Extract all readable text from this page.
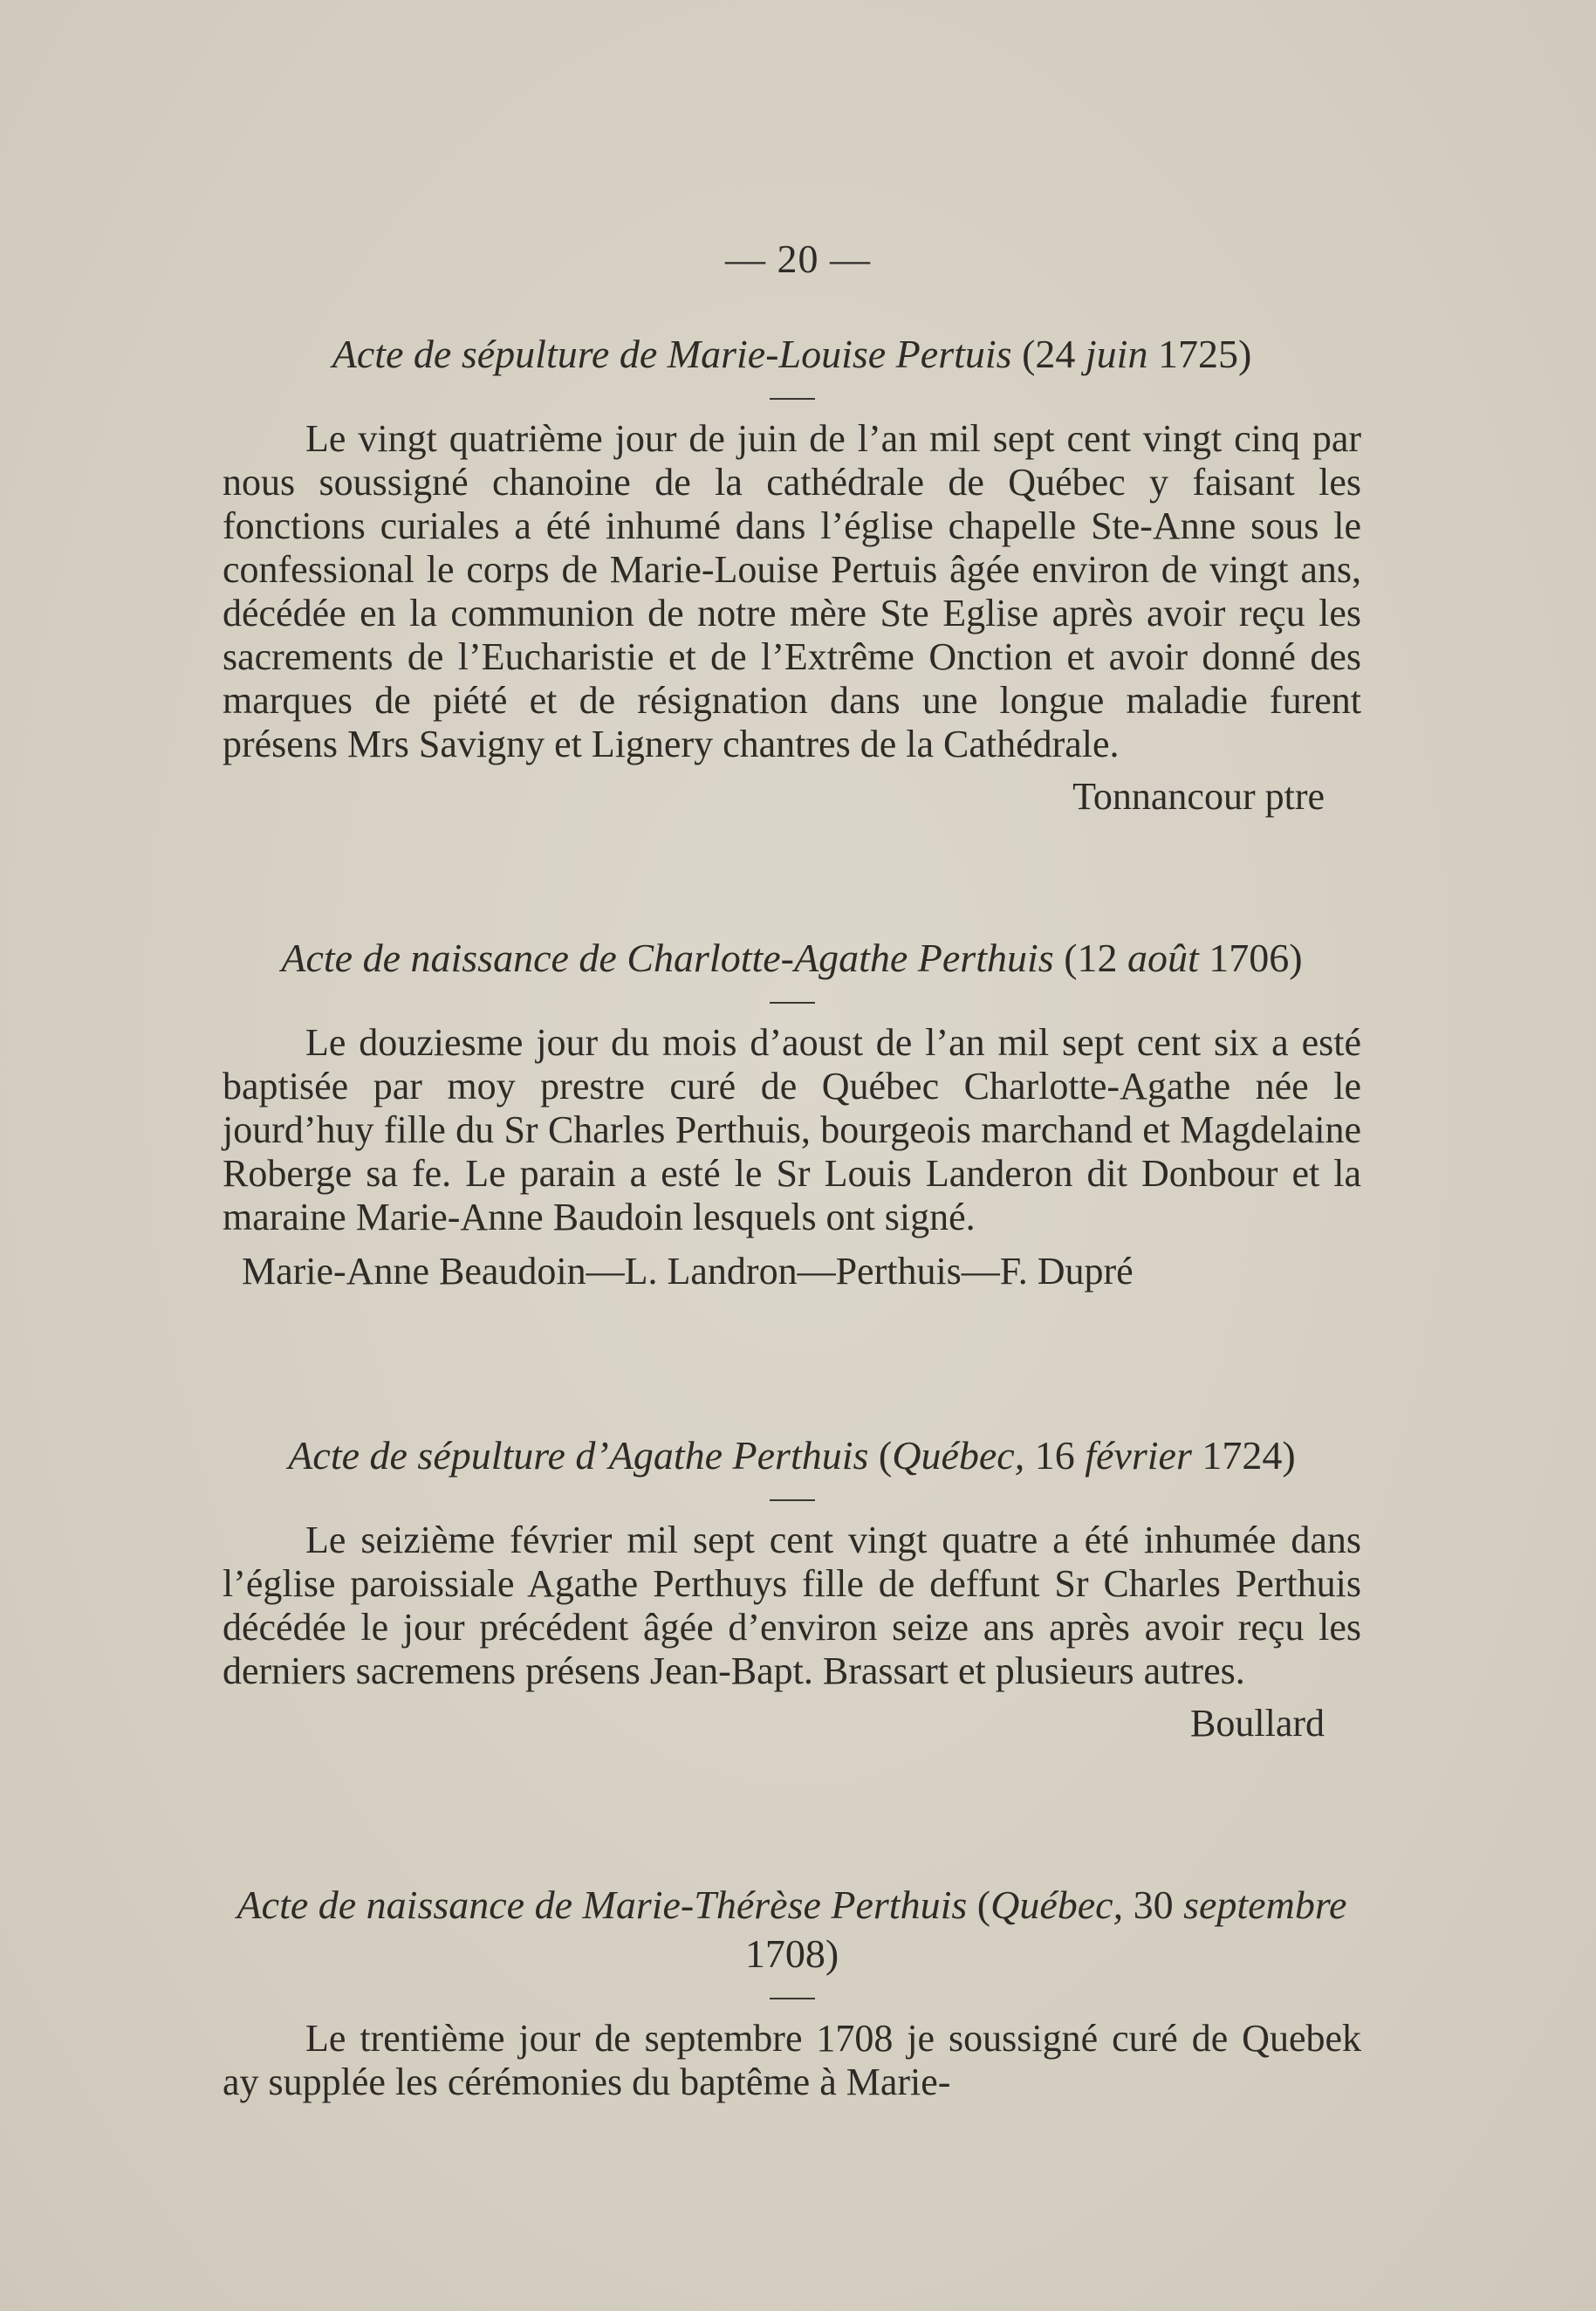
— 20 —

Acte de sépulture de Marie-Louise Pertuis (24 juin 1725)

Le vingt quatrième jour de juin de l’an mil sept cent vingt cinq par nous soussigné chanoine de la cathédrale de Québec y faisant les fonctions curiales a été inhumé dans l’église chapelle Ste-Anne sous le confessional le corps de Marie-Louise Pertuis âgée environ de vingt ans, décédée en la communion de notre mère Ste Eglise après avoir reçu les sacrements de l’Eucharistie et de l’Extrême Onction et avoir donné des marques de piété et de résignation dans une longue maladie furent présens Mrs Savigny et Lignery chantres de la Cathédrale.

Tonnancour ptre

Acte de naissance de Charlotte-Agathe Perthuis (12 août 1706)

Le douziesme jour du mois d’aoust de l’an mil sept cent six a esté baptisée par moy prestre curé de Québec Charlotte-Agathe née le jourd’huy fille du Sr Charles Perthuis, bourgeois marchand et Magdelaine Roberge sa fe. Le parain a esté le Sr Louis Landeron dit Donbour et la maraine Marie-Anne Baudoin lesquels ont signé.

Marie-Anne Beaudoin—L. Landron—Perthuis—F. Dupré

Acte de sépulture d’Agathe Perthuis (Québec, 16 février 1724)

Le seizième février mil sept cent vingt quatre a été inhumée dans l’église paroissiale Agathe Perthuys fille de deffunt Sr Charles Perthuis décédée le jour précédent âgée d’environ seize ans après avoir reçu les derniers sacremens présens Jean-Bapt. Brassart et plusieurs autres.

Boullard

Acte de naissance de Marie-Thérèse Perthuis (Québec, 30 septembre 1708)

Le trentième jour de septembre 1708 je soussigné curé de Quebek ay supplée les cérémonies du baptême à Marie-
